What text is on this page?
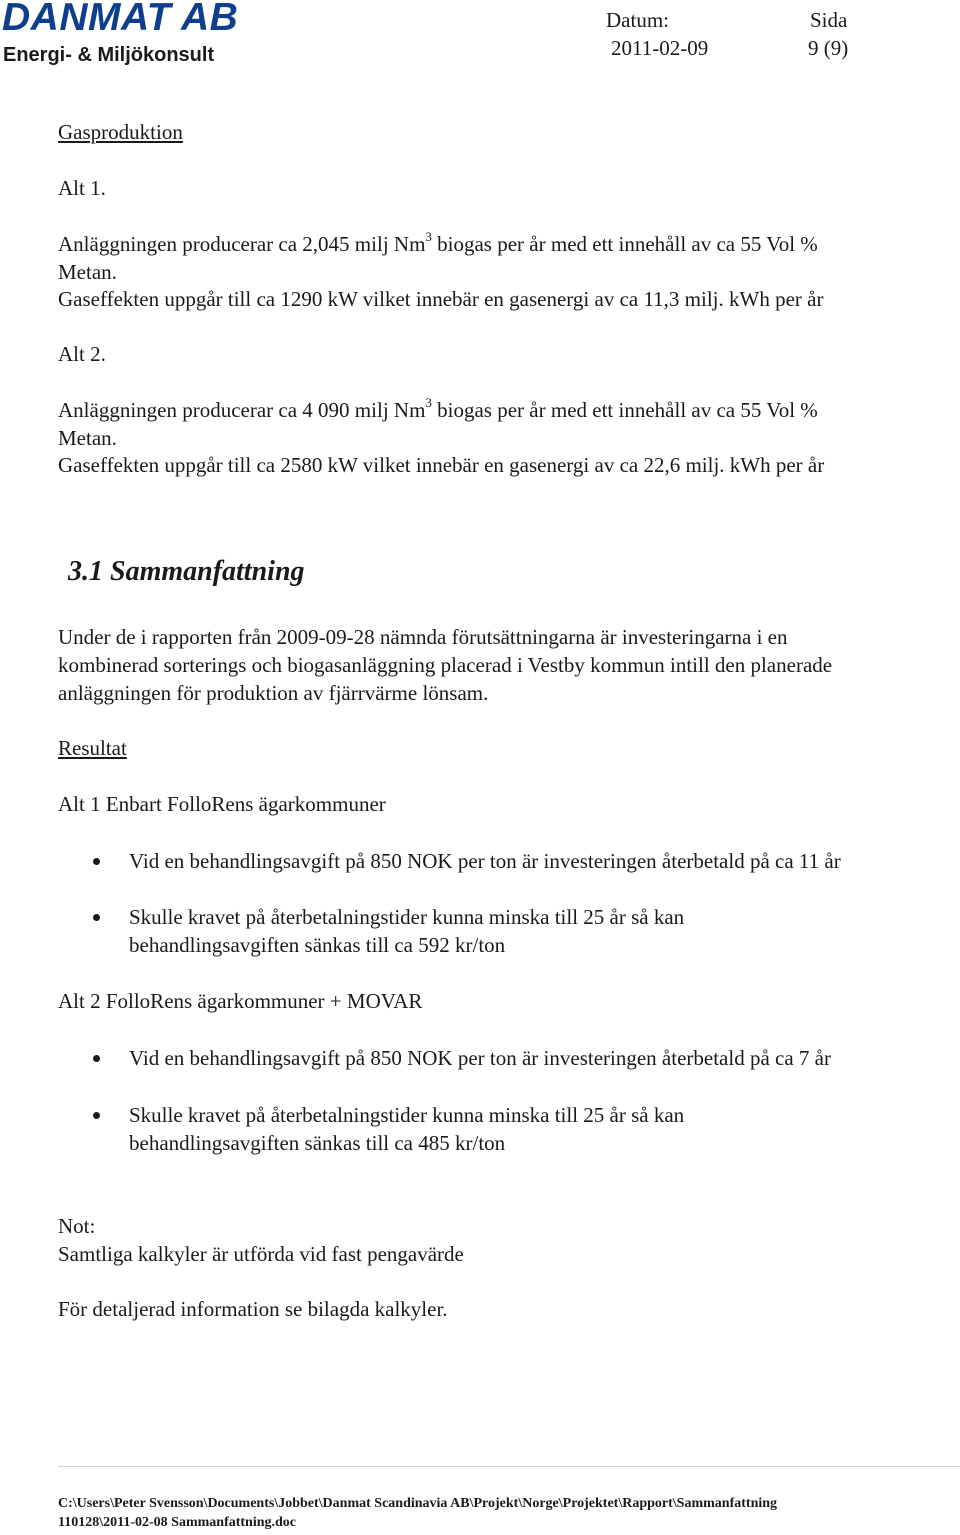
DANMAT AB
Energi- & Miljökonsult
Datum:
2011-02-09
Sida
9 (9)
Gasproduktion
Alt 1.
Anläggningen producerar ca 2,045 milj Nm$^3$ biogas per år med ett innehåll av ca 55 Vol %
Metan.
Gaseffekten uppgår till ca 1290 kW vilket innebär en gasenergi av ca 11,3 milj. kWh per år
Alt 2.
Anläggningen producerar ca 4 090 milj Nm$^3$ biogas per år med ett innehåll av ca 55 Vol %
Metan.
Gaseffekten uppgår till ca 2580 kW vilket innebär en gasenergi av ca 22,6 milj. kWh per år
3.1 Sammanfattning
Under de i rapporten från 2009-09-28 nämnda förutsättningarna är investeringarna i en
kombinerad sorterings och biogasanläggning placerad i Vestby kommun intill den planerade
anläggningen för produktion av fjärrvärme lönsam.
Resultat
Alt 1 Enbart FolloRens ägarkommuner
Vid en behandlingsavgift på 850 NOK per ton är investeringen återbetald på ca 11 år
Skulle kravet på återbetalningstider kunna minska till 25 år så kan
behandlingsavgiften sänkas till ca 592 kr/ton
Alt 2 FolloRens ägarkommuner + MOVAR
Vid en behandlingsavgift på 850 NOK per ton är investeringen återbetald på ca 7 år
Skulle kravet på återbetalningstider kunna minska till 25 år så kan
behandlingsavgiften sänkas till ca 485 kr/ton
Not:
Samtliga kalkyler är utförda vid fast pengavärde
För detaljerad information se bilagda kalkyler.
C:\Users\Peter Svensson\Documents\Jobbet\Danmat Scandinavia AB\Projekt\Norge\Projektet\Rapport\Sammanfattning
110128\2011-02-08 Sammanfattning.doc
